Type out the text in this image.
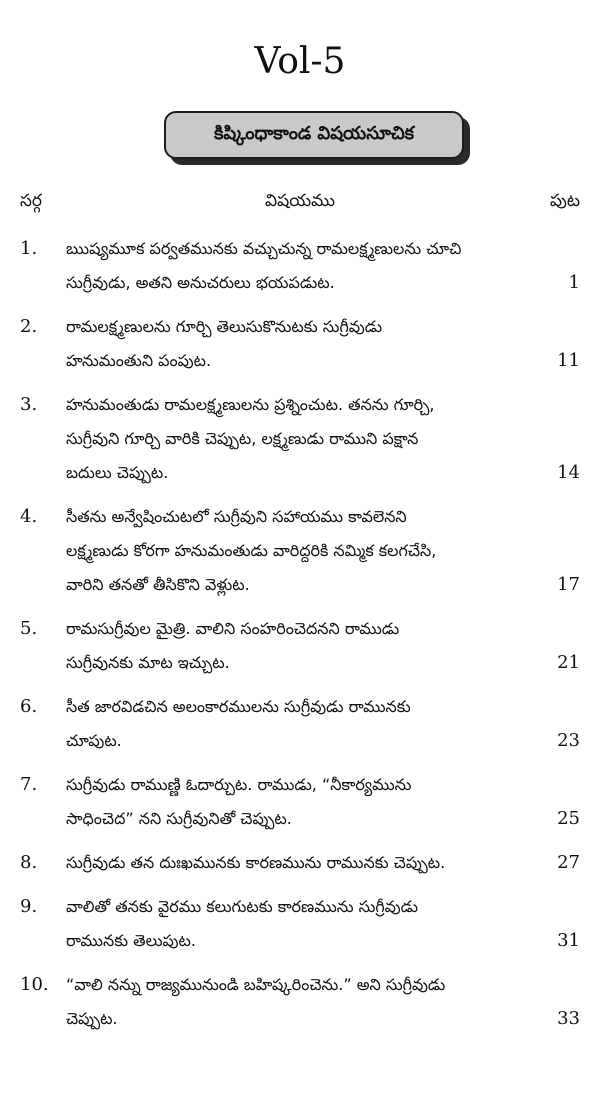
Vol-5
కిష్కింధాకాండ విషయసూచిక
సర్గ	విషయము	పుట
1. ఋష్యమూక పర్వతమునకు వచ్చుచున్న రామలక్ష్మణులను చూచి
సుగ్రీవుడు, అతని అనుచరులు భయపడుట.	1
2. రామలక్ష్మణులను గూర్చి తెలుసుకొనుటకు సుగ్రీవుడు
హనుమంతుని పంపుట.	11
3. హనుమంతుడు రామలక్ష్మణులను ప్రశ్నించుట. తనను గూర్చి,
సుగ్రీవుని గూర్చి వారికి చెప్పుట, లక్ష్మణుడు రాముని పక్షాన
బదులు చెప్పుట.	14
4. సీతను అన్వేషించుటలో సుగ్రీవుని సహాయము కావలెనని
లక్ష్మణుడు కోరగా హనుమంతుడు వారిద్దరికి నమ్మిక కలగచేసి,
వారిని తనతో తీసికొని వెళ్లుట.	17
5. రామసుగ్రీవుల మైత్రి. వాలిని సంహరించెదనని రాముడు
సుగ్రీవునకు మాట ఇచ్చుట.	21
6. సీత జారవిడచిన అలంకారములను సుగ్రీవుడు రామునకు
చూపుట.	23
7. సుగ్రీవుడు రాముణ్ణి ఓదార్చుట. రాముడు, “నీకార్యమును
సాధించెద” నని సుగ్రీవునితో చెప్పుట.	25
8. సుగ్రీవుడు తన దుఃఖమునకు కారణమును రామునకు చెప్పుట.	27
9. వాలితో తనకు వైరము కలుగుటకు కారణమును సుగ్రీవుడు
రామునకు తెలుపుట.	31
10. “వాలి నన్ను రాజ్యమునుండి బహిష్కరించెను.” అని సుగ్రీవుడు
చెప్పుట.	33
